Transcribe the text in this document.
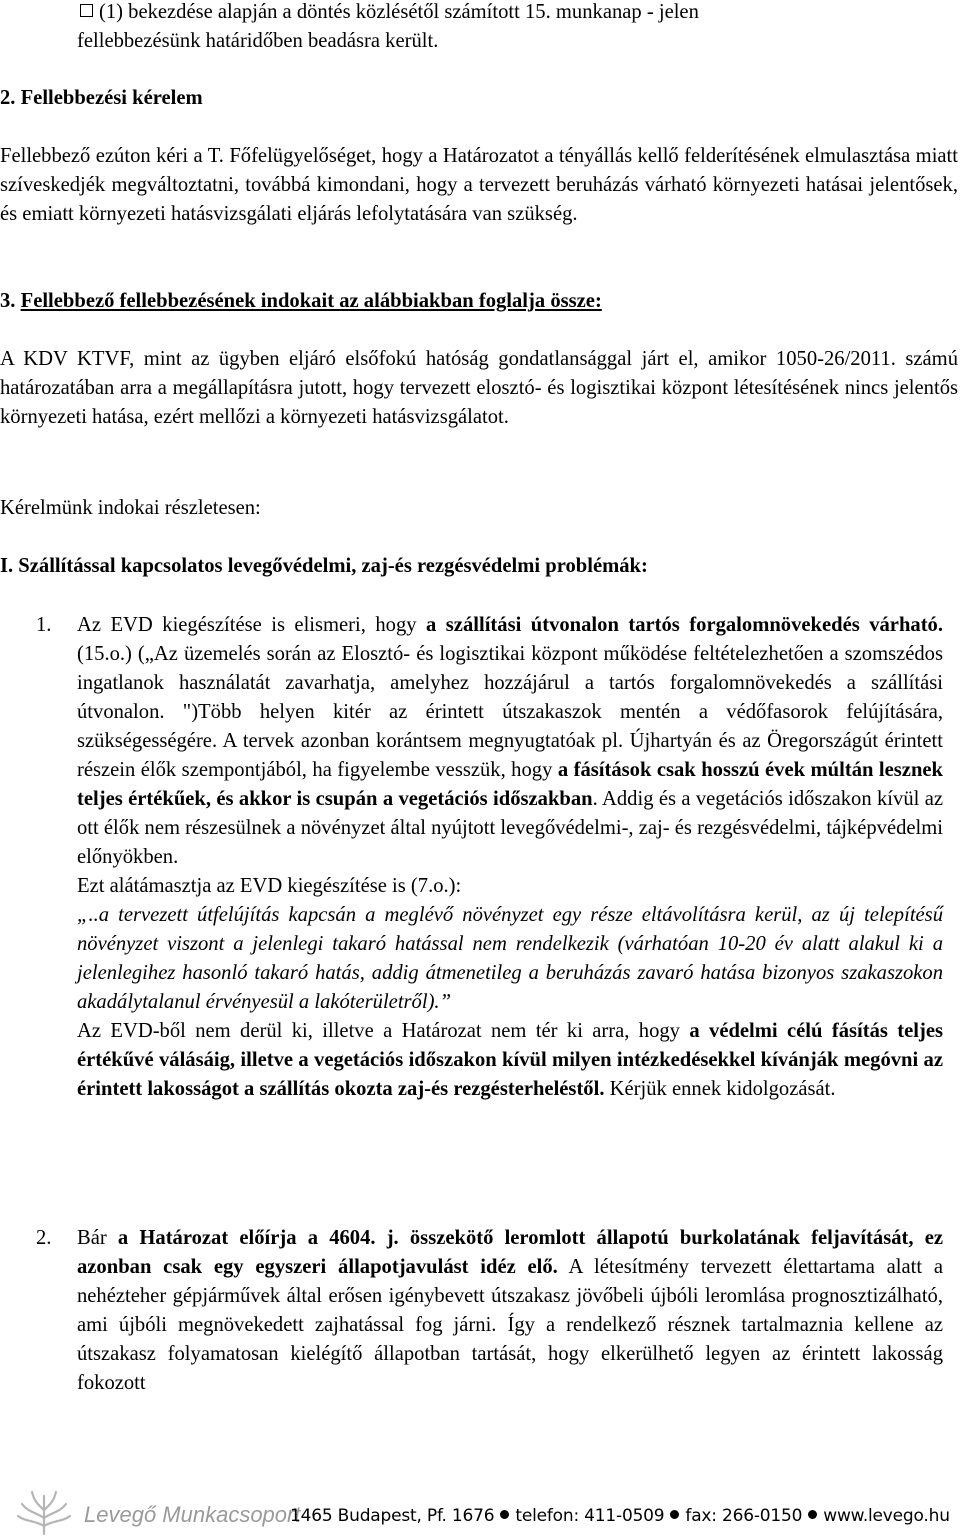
(1) bekezdése alapján a döntés közlésétől számított 15. munkanap - jelen

fellebbezésünk határidőben beadásra került.

2. Fellebbezési kérelem

Fellebbező ezúton kéri a T. Főfelügyelőséget, hogy a Határozatot a tényállás kellő felderítésének elmulasztása miatt szíveskedjék megváltoztatni, továbbá kimondani, hogy a tervezett beruházás várható környezeti hatásai jelentősek, és emiatt környezeti hatásvizsgálati eljárás lefolytatására van szükség.

3. Fellebbező fellebbezésének indokait az alábbiakban foglalja össze:

A KDV KTVF, mint az ügyben eljáró elsőfokú hatóság gondatlansággal járt el, amikor 1050-26/2011. számú határozatában arra a megállapításra jutott, hogy tervezett elosztó- és logisztikai központ létesítésének nincs jelentős környezeti hatása, ezért mellőzi a környezeti hatásvizsgálatot.

Kérelmünk indokai részletesen:

I. Szállítással kapcsolatos levegővédelmi, zaj-és rezgésvédelmi problémák:

1. Az EVD kiegészítése is elismeri, hogy a szállítási útvonalon tartós forgalomnövekedés várható. (15.o.) („Az üzemelés során az Elosztó- és logisztikai központ működése feltételezhetően a szomszédos ingatlanok használatát zavarhatja, amelyhez hozzájárul a tartós forgalomnövekedés a szállítási útvonalon. ")Több helyen kitér az érintett útszakaszok mentén a védőfasorok felújítására, szükségességére. A tervek azonban korántsem megnyugtatóak pl. Újhartyán és az Öregországút érintett részein élők szempontjából, ha figyelembe vesszük, hogy a fásítások csak hosszú évek múltán lesznek teljes értékűek, és akkor is csupán a vegetációs időszakban. Addig és a vegetációs időszakon kívül az ott élők nem részesülnek a növényzet által nyújtott levegővédelmi-, zaj- és rezgésvédelmi, tájképvédelmi előnyökben.

Ezt alátámasztja az EVD kiegészítése is (7.o.):

„..a tervezett útfelújítás kapcsán a meglévő növényzet egy része eltávolításra kerül, az új telepítésű növényzet viszont a jelenlegi takaró hatással nem rendelkezik (várhatóan 10-20 év alatt alakul ki a jelenlegihez hasonló takaró hatás, addig átmenetileg a beruházás zavaró hatása bizonyos szakaszokon akadálytalanul érvényesül a lakóterületről).”

Az EVD-ből nem derül ki, illetve a Határozat nem tér ki arra, hogy a védelmi célú fásítás teljes értékűvé válásáig, illetve a vegetációs időszakon kívül milyen intézkedésekkel kívánják megóvni az érintett lakosságot a szállítás okozta zaj-és rezgésterheléstől. Kérjük ennek kidolgozását.

2. Bár a Határozat előírja a 4604. j. összekötő leromlott állapotú burkolatának feljavítását, ez azonban csak egy egyszeri állapotjavulást idéz elő. A létesítmény tervezett élettartama alatt a nehézteher gépjárművek által erősen igénybevett útszakasz jövőbeli újbóli leromlása prognosztizálható, ami újbóli megnövekedett zajhatással fog járni. Így a rendelkező résznek tartalmaznia kellene az útszakasz folyamatosan kielégítő állapotban tartását, hogy elkerülhető legyen az érintett lakosság fokozott

Levegő Munkacsoport
1465 Budapest, Pf. 1676 telefon: 411-0509 fax: 266-0150 www.levego.hu
